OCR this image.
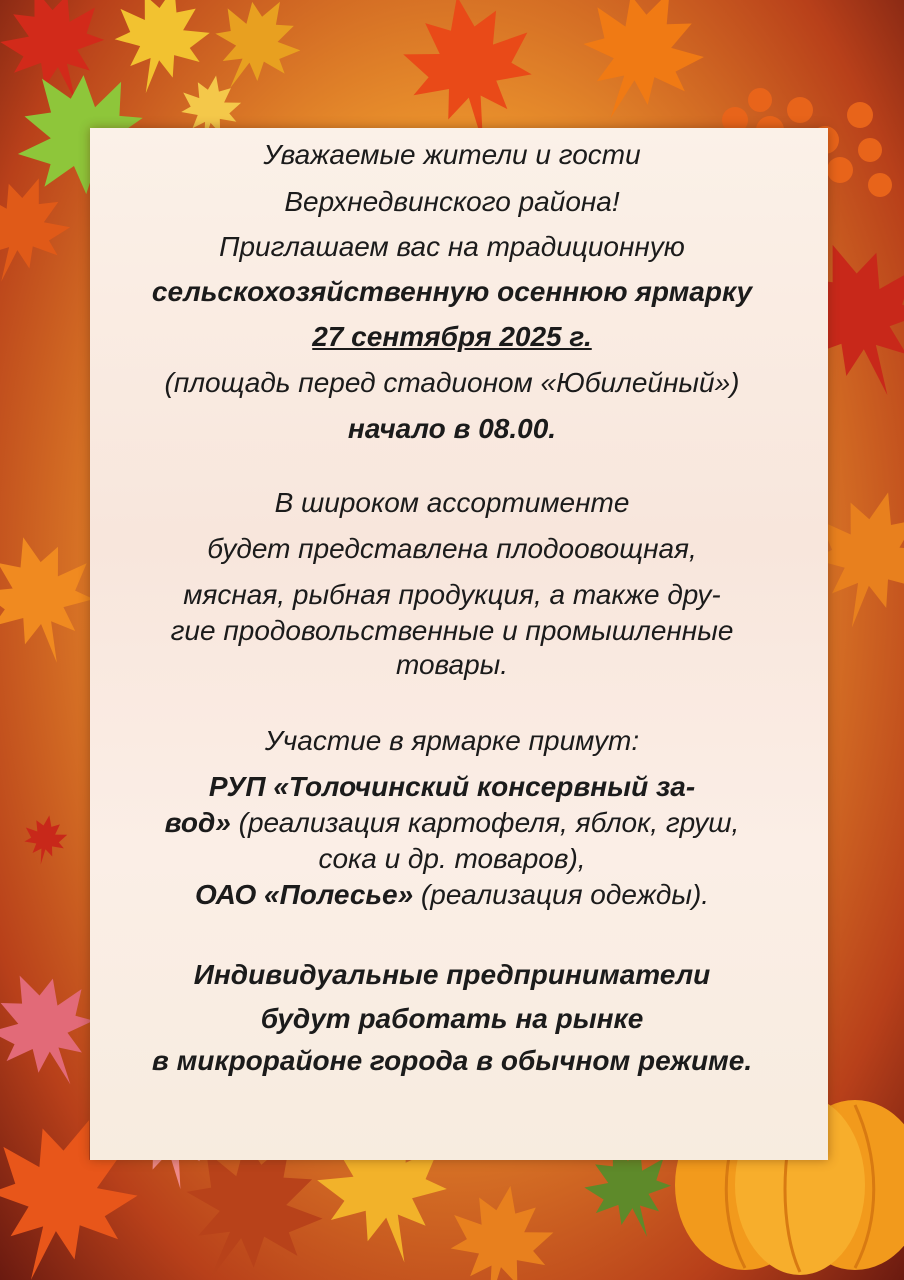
Уважаемые жители и гости
Верхнедвинского района!
Приглашаем вас на традиционную
сельскохозяйственную осеннюю ярмарку
27 сентября 2025 г.
(площадь перед стадионом «Юбилейный»)
начало в 08.00.
В широком ассортименте
будет представлена плодоовощная,
мясная, рыбная продукция, а также дру-
гие продовольственные и промышленные
товары.
Участие в ярмарке примут:
РУП «Толочинский консервный за-
вод» (реализация картофеля, яблок, груш,
сока и др. товаров),
ОАО «Полесье» (реализация одежды).
Индивидуальные предприниматели
будут работать на рынке
в микрорайоне города в обычном режиме.
